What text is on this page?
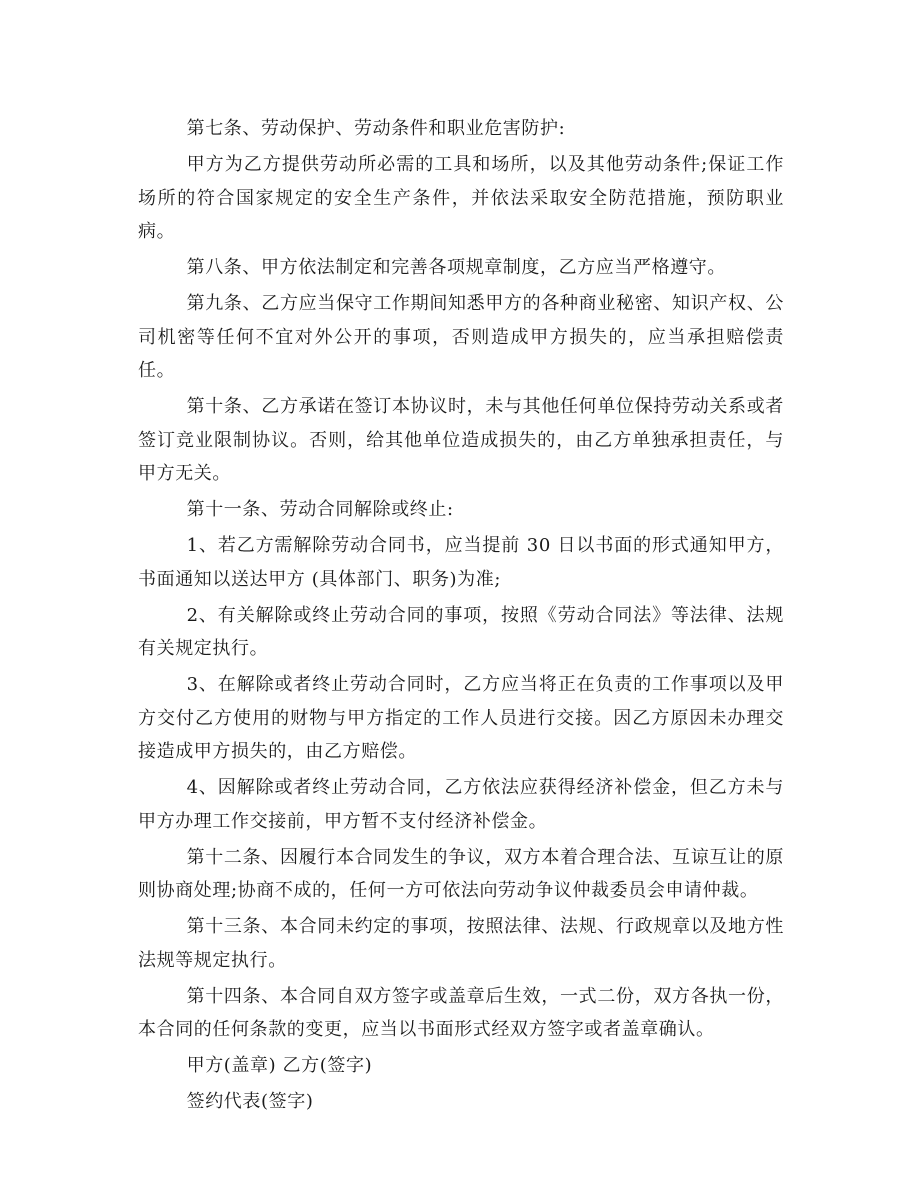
第七条、劳动保护、劳动条件和职业危害防护:

甲方为乙方提供劳动所必需的工具和场所，以及其他劳动条件;保证工作场所的符合国家规定的安全生产条件，并依法采取安全防范措施，预防职业病。

第八条、甲方依法制定和完善各项规章制度，乙方应当严格遵守。

第九条、乙方应当保守工作期间知悉甲方的各种商业秘密、知识产权、公司机密等任何不宜对外公开的事项，否则造成甲方损失的，应当承担赔偿责任。

第十条、乙方承诺在签订本协议时，未与其他任何单位保持劳动关系或者签订竞业限制协议。否则，给其他单位造成损失的，由乙方单独承担责任，与甲方无关。

第十一条、劳动合同解除或终止:

1、若乙方需解除劳动合同书，应当提前 30 日以书面的形式通知甲方，书面通知以送达甲方 (具体部门、职务)为准;

2、有关解除或终止劳动合同的事项，按照《劳动合同法》等法律、法规有关规定执行。

3、在解除或者终止劳动合同时，乙方应当将正在负责的工作事项以及甲方交付乙方使用的财物与甲方指定的工作人员进行交接。因乙方原因未办理交接造成甲方损失的，由乙方赔偿。

4、因解除或者终止劳动合同，乙方依法应获得经济补偿金，但乙方未与甲方办理工作交接前，甲方暂不支付经济补偿金。

第十二条、因履行本合同发生的争议，双方本着合理合法、互谅互让的原则协商处理;协商不成的，任何一方可依法向劳动争议仲裁委员会申请仲裁。

第十三条、本合同未约定的事项，按照法律、法规、行政规章以及地方性法规等规定执行。

第十四条、本合同自双方签字或盖章后生效，一式二份，双方各执一份，本合同的任何条款的变更，应当以书面形式经双方签字或者盖章确认。

甲方(盖章) 乙方(签字)

签约代表(签字)
